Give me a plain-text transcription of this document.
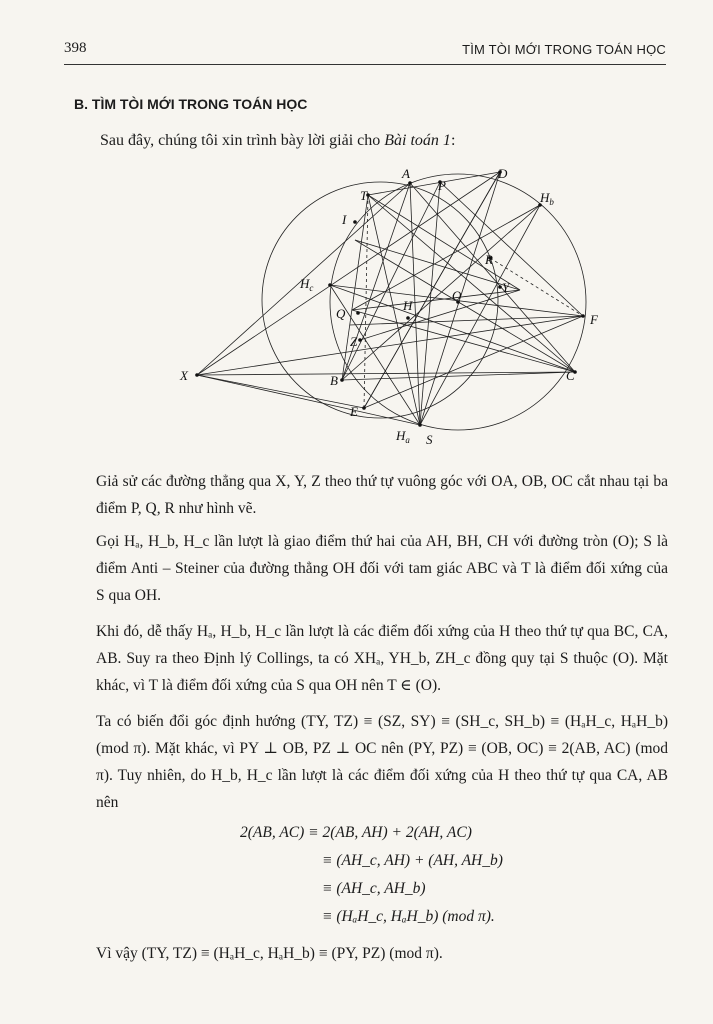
398	TÌM TÒI MỚI TRONG TOÁN HỌC
B. TÌM TÒI MỚI TRONG TOÁN HỌC
Sau đây, chúng tôi xin trình bày lời giải cho Bài toán 1:
T
A
P
D
$H_b$
I
R
Y
O
$H_c$
Q
H
F
Z
X	C
B
E
$H_a$ S
Giả sử các đường thẳng qua X, Y, Z theo thứ tự vuông góc với OA, OB, OC cắt nhau tại ba điểm P, Q, R như hình vẽ.
Gọi Hₐ, H_b, H_c lần lượt là giao điểm thứ hai của AH, BH, CH với đường tròn (O); S là điểm Anti – Steiner của đường thẳng OH đối với tam giác ABC và T là điểm đối xứng của S qua OH.
Khi đó, dễ thấy Hₐ, H_b, H_c lần lượt là các điểm đối xứng của H theo thứ tự qua BC, CA, AB. Suy ra theo Định lý Collings, ta có XHₐ, YH_b, ZH_c đồng quy tại S thuộc (O). Mặt khác, vì T là điểm đối xứng của S qua OH nên T ∈ (O).
Ta có biến đổi góc định hướng (TY, TZ) ≡ (SZ, SY) ≡ (SH_c, SH_b) ≡ (HₐH_c, HₐH_b) (mod π). Mặt khác, vì PY ⊥ OB, PZ ⊥ OC nên (PY, PZ) ≡ (OB, OC) ≡ 2(AB, AC) (mod π). Tuy nhiên, do H_b, H_c lần lượt là các điểm đối xứng của H theo thứ tự qua CA, AB nên
2(AB, AC) ≡ 2(AB, AH) + 2(AH, AC)
≡ (AH_c, AH) + (AH, AH_b)
≡ (AH_c, AH_b)
≡ (HₐH_c, HₐH_b) (mod π).
Vì vậy (TY, TZ) ≡ (HₐH_c, HₐH_b) ≡ (PY, PZ) (mod π).
